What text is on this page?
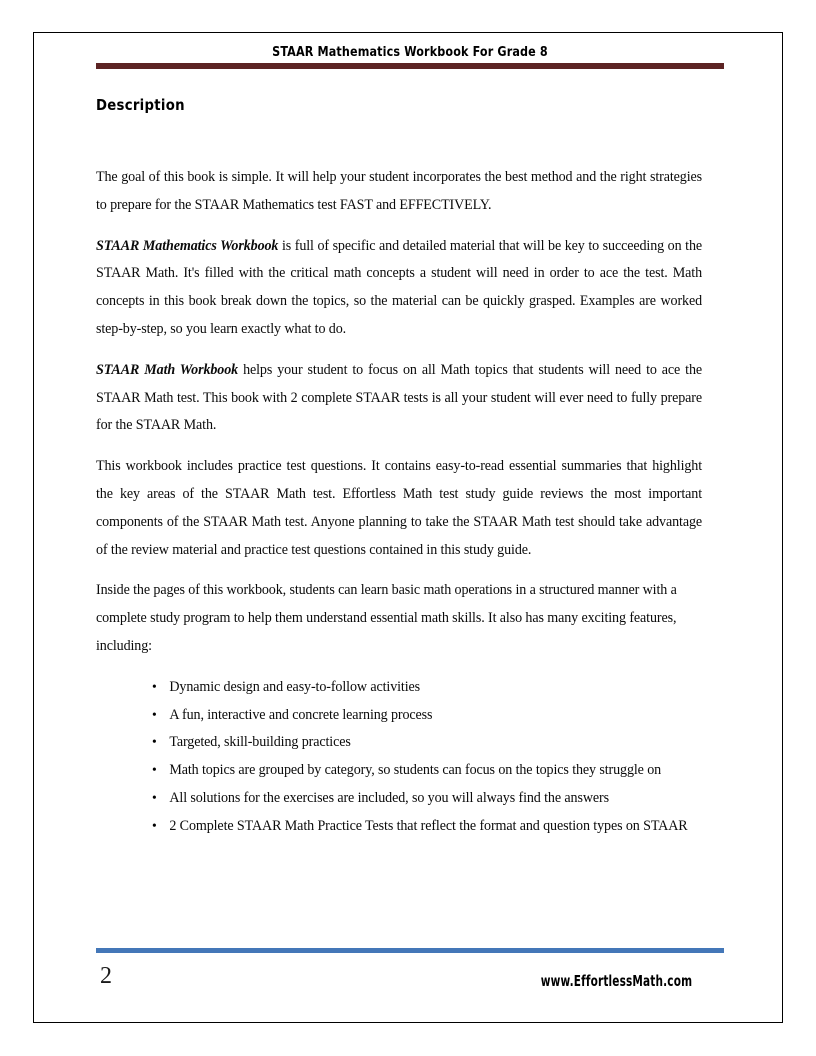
STAAR Mathematics Workbook For Grade 8
Description

The goal of this book is simple. It will help your student incorporates the best method and the right strategies to prepare for the STAAR Mathematics test FAST and EFFECTIVELY.

STAAR Mathematics Workbook is full of specific and detailed material that will be key to succeeding on the STAAR Math. It's filled with the critical math concepts a student will need in order to ace the test. Math concepts in this book break down the topics, so the material can be quickly grasped. Examples are worked step-by-step, so you learn exactly what to do.

STAAR Math Workbook helps your student to focus on all Math topics that students will need to ace the STAAR Math test. This book with 2 complete STAAR tests is all your student will ever need to fully prepare for the STAAR Math.

This workbook includes practice test questions. It contains easy-to-read essential summaries that highlight the key areas of the STAAR Math test. Effortless Math test study guide reviews the most important components of the STAAR Math test. Anyone planning to take the STAAR Math test should take advantage of the review material and practice test questions contained in this study guide.

Inside the pages of this workbook, students can learn basic math operations in a structured manner with a complete study program to help them understand essential math skills. It also has many exciting features, including:

• Dynamic design and easy-to-follow activities
• A fun, interactive and concrete learning process
• Targeted, skill-building practices
• Math topics are grouped by category, so students can focus on the topics they struggle on
• All solutions for the exercises are included, so you will always find the answers
• 2 Complete STAAR Math Practice Tests that reflect the format and question types on STAAR
2	www.EffortlessMath.com
